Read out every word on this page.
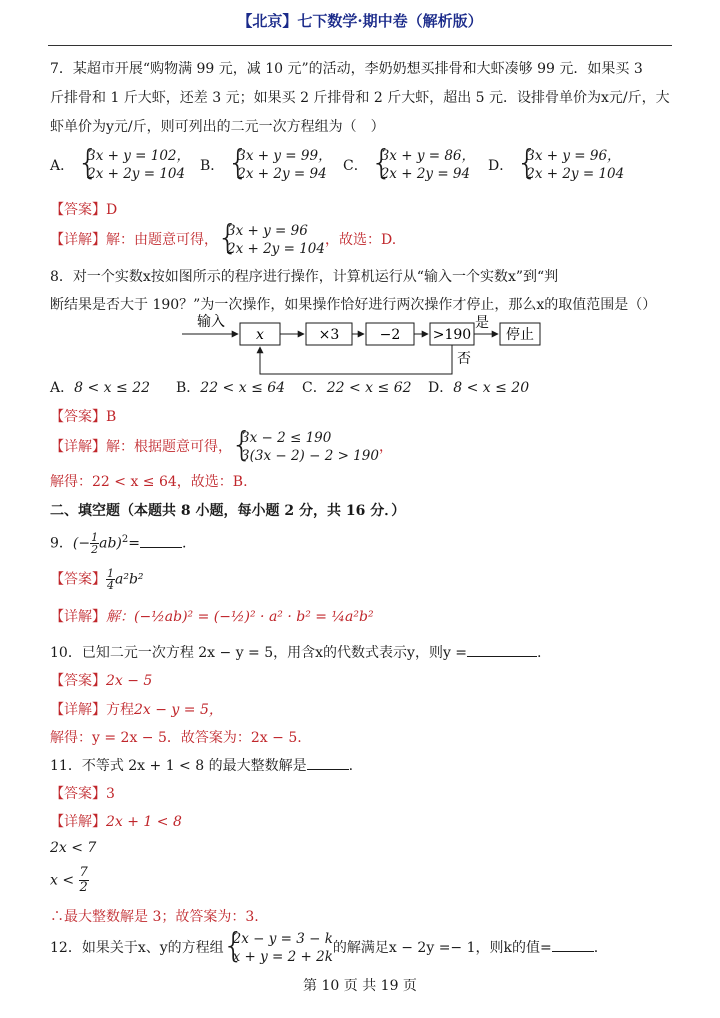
【北京】七下数学·期中卷（解析版）
7．某超市开展“购物满 99 元，减 10 元”的活动，李奶奶想买排骨和大虾凑够 99 元．如果买 3
斤排骨和 1 斤大虾，还差 3 元；如果买 2 斤排骨和 2 斤大虾，超出 5 元．设排骨单价为x元/斤，大
虾单价为y元/斤，则可列出的二元一次方程组为（　）
A．
{ 3x + y = 102，
2x + 2y = 104	B．
{ 3x + y = 99，
2x + 2y = 94	C．
{ 3x + y = 86，
2x + 2y = 94	D．
{ 3x + y = 96，
2x + 2y = 104
【答案】D
【详解】解：由题意可得，
{ 3x + y = 96
2x + 2y = 104
，故选：D.
8．对一个实数x按如图所示的程序进行操作，计算机运行从“输入一个实数x”到“判
断结果是否大于 190？”为一次操作，如果操作恰好进行两次操作才停止，那么x的取值范围是（）
输入
x	×3	−2 >190
是
停止
否
A．8 < x ≤ 22 B．22 < x ≤ 64 C．22 < x ≤ 62 D．8 < x ≤ 20
【答案】B
【详解】解：根据题意可得，
{ 3x − 2 ≤ 190
3(3x − 2) − 2 > 190
，
解得：22 < x ≤ 64，故选：B.
二、填空题（本题共 8 小题，每小题 2 分，共 16 分．）
9．(− $\frac{1}{2} ab)^2=$	.
【答案】 $\frac{1}{4} a^2b^2$
【详解】解：(−½ab)² = (−½)² · a² · b² = ¼a²b²
10．已知二元一次方程 2x − y = 5，用含x的代数式表示y，则y =	.
【答案】2x − 5
【详解】方程2x − y = 5，
解得：y = 2x − 5．故答案为：2x − 5.
11．不等式 2x + 1 < 8 的最大整数解是	.
【答案】3
【详解】2x + 1 < 8
2x < 7
$x < \frac{7}{2}$
∴最大整数解是 3；故答案为：3.
12．如果关于x、y的方程组
{ 2x − y = 3 − k
x + y = 2 + 2k
的解满足x − 2y =− 1，则k的值=	.
第 10 页 共 19 页
